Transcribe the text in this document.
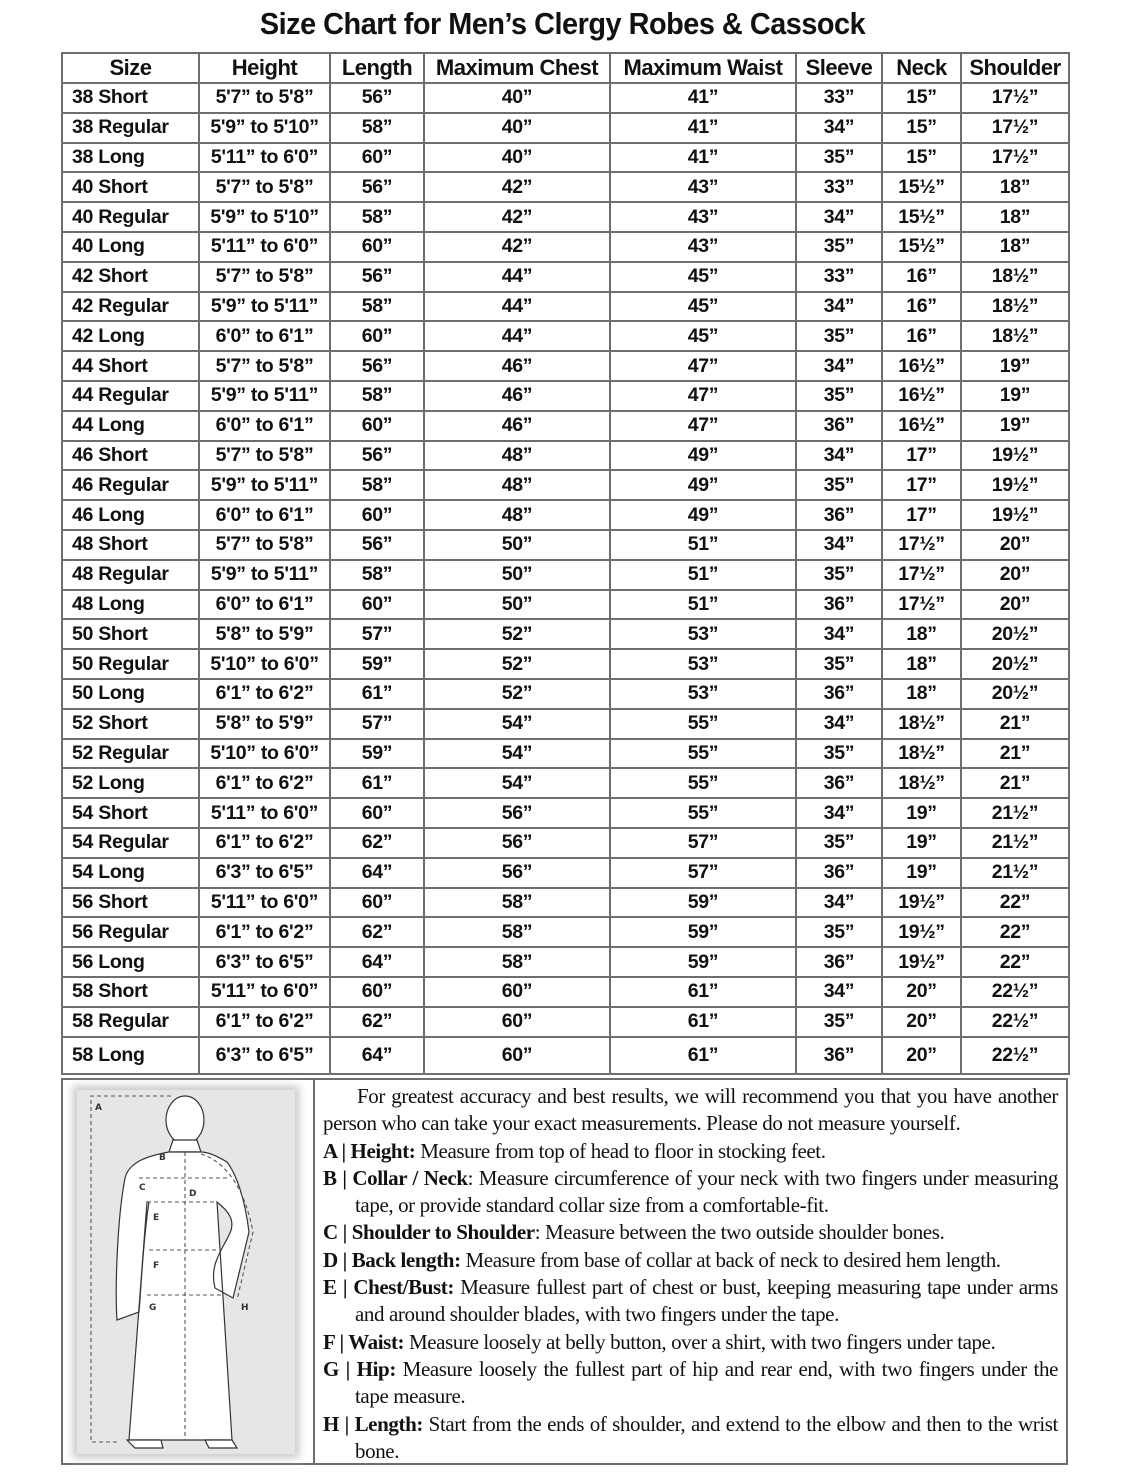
Size Chart for Men’s Clergy Robes & Cassock
Size	Height	Length	Maximum Chest	Maximum Waist	Sleeve	Neck	Shoulder
38 Short	5'7” to 5'8”	56”	40”	41”	33”	15”	17½”
38 Regular	5'9” to 5'10”	58”	40”	41”	34”	15”	17½”
38 Long	5'11” to 6'0”	60”	40”	41”	35”	15”	17½”
40 Short	5'7” to 5'8”	56”	42”	43”	33”	15½”	18”
40 Regular	5'9” to 5'10”	58”	42”	43”	34”	15½”	18”
40 Long	5'11” to 6'0”	60”	42”	43”	35”	15½”	18”
42 Short	5'7” to 5'8”	56”	44”	45”	33”	16”	18½”
42 Regular	5'9” to 5'11”	58”	44”	45”	34”	16”	18½”
42 Long	6'0” to 6'1”	60”	44”	45”	35”	16”	18½”
44 Short	5'7” to 5'8”	56”	46”	47”	34”	16½”	19”
44 Regular	5'9” to 5'11”	58”	46”	47”	35”	16½”	19”
44 Long	6'0” to 6'1”	60”	46”	47”	36”	16½”	19”
46 Short	5'7” to 5'8”	56”	48”	49”	34”	17”	19½”
46 Regular	5'9” to 5'11”	58”	48”	49”	35”	17”	19½”
46 Long	6'0” to 6'1”	60”	48”	49”	36”	17”	19½”
48 Short	5'7” to 5'8”	56”	50”	51”	34”	17½”	20”
48 Regular	5'9” to 5'11”	58”	50”	51”	35”	17½”	20”
48 Long	6'0” to 6'1”	60”	50”	51”	36”	17½”	20”
50 Short	5'8” to 5'9”	57”	52”	53”	34”	18”	20½”
50 Regular	5'10” to 6'0”	59”	52”	53”	35”	18”	20½”
50 Long	6'1” to 6'2”	61”	52”	53”	36”	18”	20½”
52 Short	5'8” to 5'9”	57”	54”	55”	34”	18½”	21”
52 Regular	5'10” to 6'0”	59”	54”	55”	35”	18½”	21”
52 Long	6'1” to 6'2”	61”	54”	55”	36”	18½”	21”
54 Short	5'11” to 6'0”	60”	56”	55”	34”	19”	21½”
54 Regular	6'1” to 6'2”	62”	56”	57”	35”	19”	21½”
54 Long	6'3” to 6'5”	64”	56”	57”	36”	19”	21½”
56 Short	5'11” to 6'0”	60”	58”	59”	34”	19½”	22”
56 Regular	6'1” to 6'2”	62”	58”	59”	35”	19½”	22”
56 Long	6'3” to 6'5”	64”	58”	59”	36”	19½”	22”
58 Short	5'11” to 6'0”	60”	60”	61”	34”	20”	22½”
58 Regular	6'1” to 6'2”	62”	60”	61”	35”	20”	22½”
58 Long	6'3” to 6'5”	64”	60”	61”	36”	20”	22½”
A
B
C
D
E
F
G	H

For greatest accuracy and best results, we will recommend you that you have another person who can take your exact measurements. Please do not measure yourself.

A | Height: Measure from top of head to floor in stocking feet.

B | Collar / Neck: Measure circumference of your neck with two fingers under measuring tape, or provide standard collar size from a comfortable-fit.

C | Shoulder to Shoulder: Measure between the two outside shoulder bones.

D | Back length: Measure from base of collar at back of neck to desired hem length.

E | Chest/Bust: Measure fullest part of chest or bust, keeping measuring tape under arms and around shoulder blades, with two fingers under the tape.

F | Waist: Measure loosely at belly button, over a shirt, with two fingers under tape.

G | Hip: Measure loosely the fullest part of hip and rear end, with two fingers under the tape measure.

H | Length: Start from the ends of shoulder, and extend to the elbow and then to the wrist bone.
